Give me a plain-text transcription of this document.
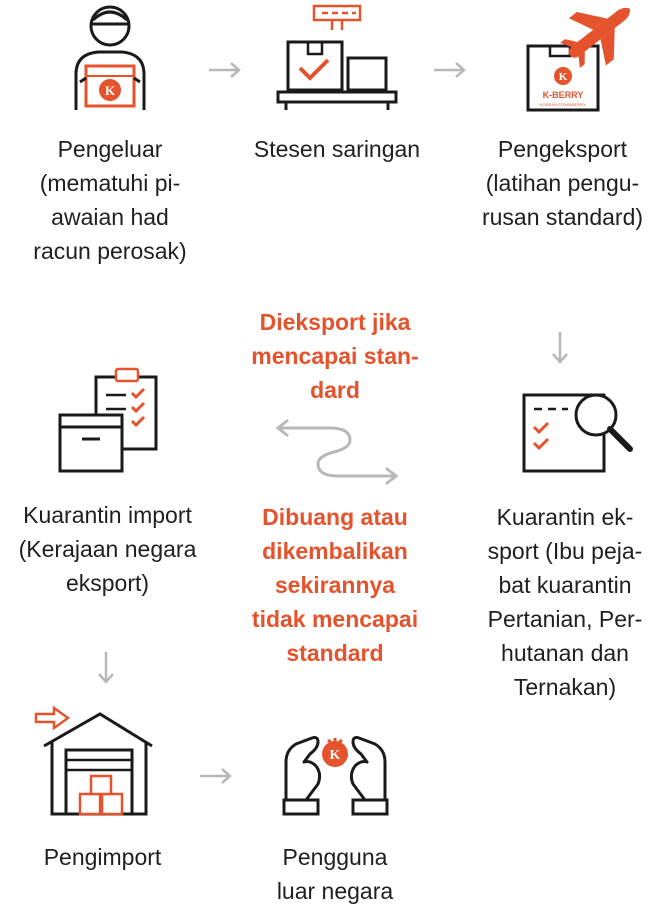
K
Pengeluar
(mematuhi pi-
awaian had
racun perosak)
Stesen saringan
K
K-BERRY
KOREAN STRAWBERRY
Pengeksport
(latihan pengu-
rusan standard)
Kuarantin ek-
sport (Ibu peja-
bat kuarantin
Pertanian, Per-
hutanan dan
Ternakan)
Dieksport jika
mencapai stan-
dard
Dibuang atau
dikembalikan
sekirannya
tidak mencapai
standard
Kuarantin import
(Kerajaan negara
eksport)
Pengimport
K
Pengguna
luar negara
